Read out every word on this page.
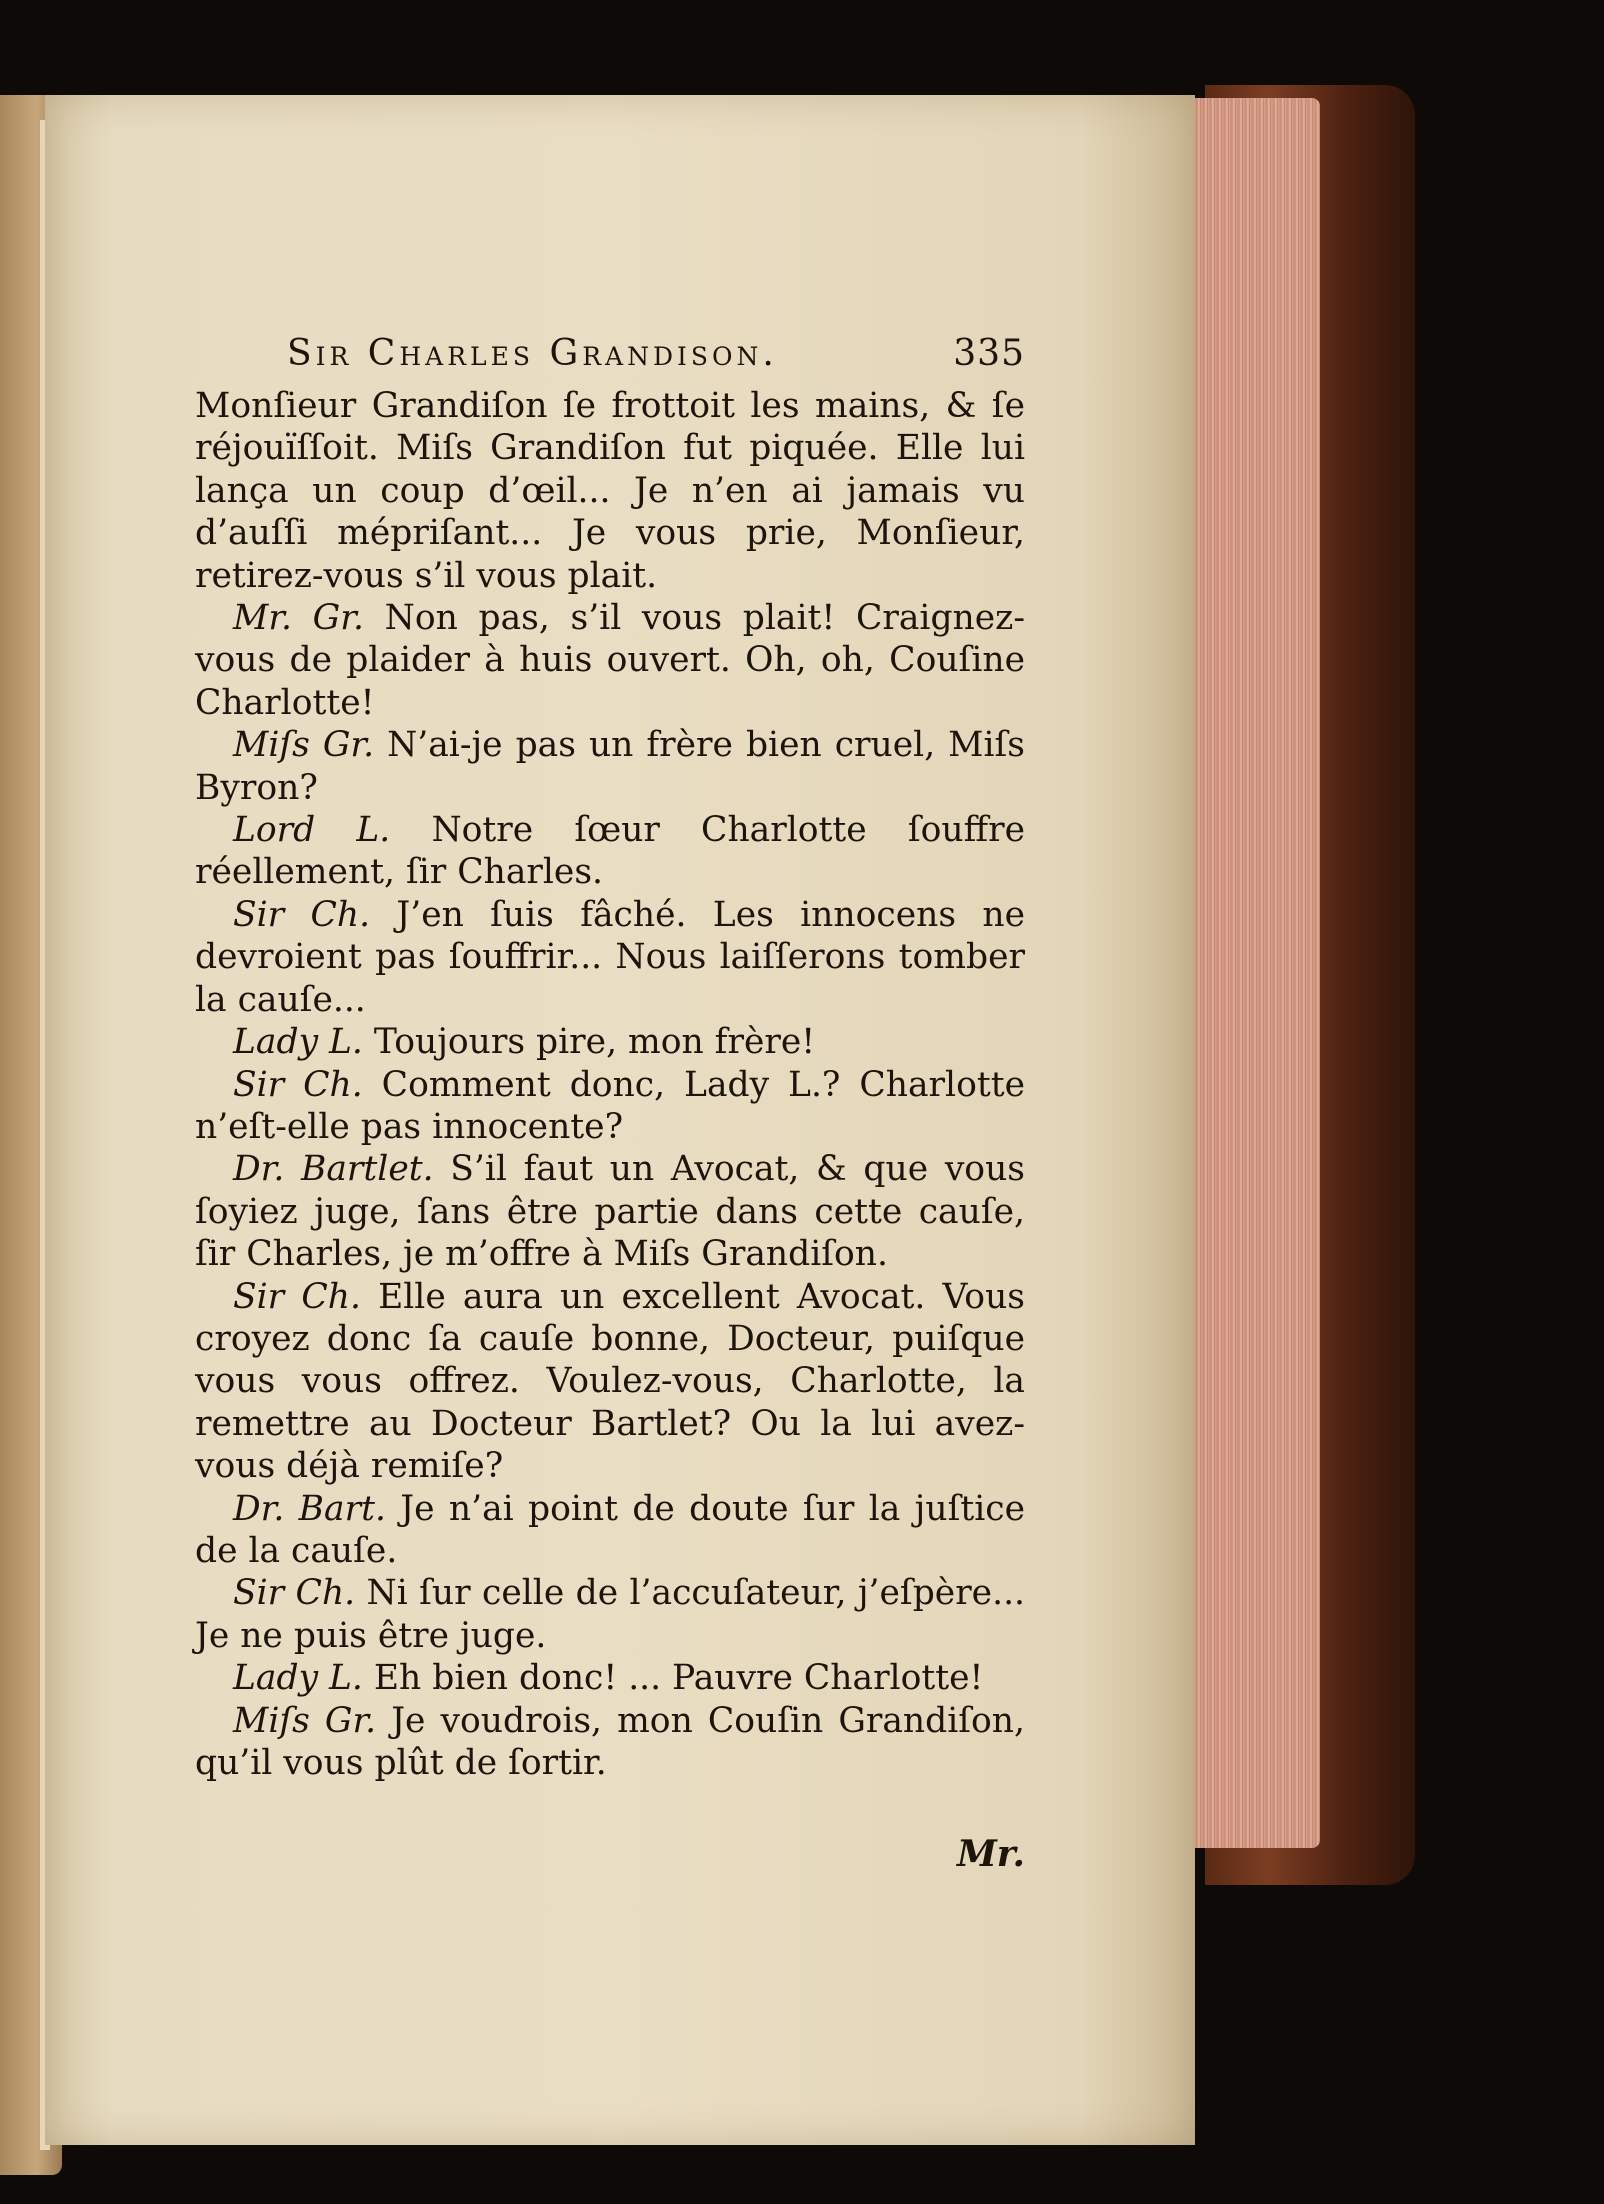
Sir Charles Grandison.	335

Monſieur Grandiſon ſe frottoit les mains, & ſe réjouïſſoit. Miſs Grandiſon fut piquée. Elle lui lança un coup d’œil... Je n’en ai jamais vu d’auſſi mépriſant... Je vous prie, Monſieur, retirez-vous s’il vous plait.

Mr. Gr. Non pas, s’il vous plait! Craignez-vous de plaider à huis ouvert. Oh, oh, Couſine Charlotte!

Miſs Gr. N’ai-je pas un frère bien cruel, Miſs Byron?

Lord L. Notre ſœur Charlotte ſouffre réellement, ſir Charles.

Sir Ch. J’en ſuis fâché. Les innocens ne devroient pas ſouffrir... Nous laiſſerons tomber la cauſe...

Lady L. Toujours pire, mon frère!

Sir Ch. Comment donc, Lady L.? Charlotte n’eſt-elle pas innocente?

Dr. Bartlet. S’il faut un Avocat, & que vous ſoyiez juge, ſans être partie dans cette cauſe, ſir Charles, je m’offre à Miſs Grandiſon.

Sir Ch. Elle aura un excellent Avocat. Vous croyez donc ſa cauſe bonne, Docteur, puiſque vous vous offrez. Voulez-vous, Charlotte, la remettre au Docteur Bartlet? Ou la lui avez-vous déjà remiſe?

Dr. Bart. Je n’ai point de doute ſur la juſtice de la cauſe.

Sir Ch. Ni ſur celle de l’accuſateur, j’eſpère... Je ne puis être juge.

Lady L. Eh bien donc! ... Pauvre Charlotte!

Miſs Gr. Je voudrois, mon Couſin Grandiſon, qu’il vous plût de ſortir.

Mr.
